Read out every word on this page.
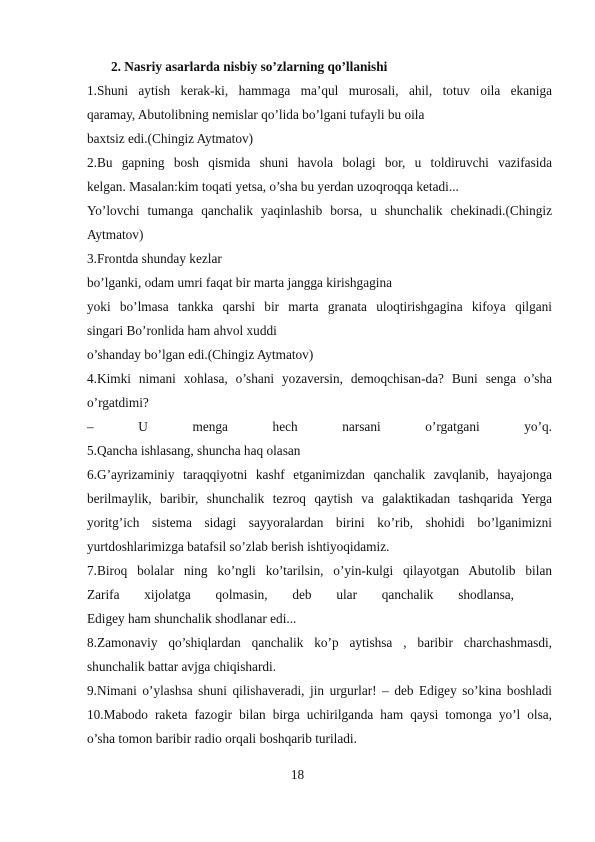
2. Nasriy asarlarda nisbiy so’zlarning qo’llanishi
1.Shuni aytish kerak-ki, hammaga ma’qul murosali, ahil, totuv oila ekaniga
qaramay, Abutolibning nemislar qo’lida bo’lgani tufayli bu oila
baxtsiz edi.(Chingiz Aytmatov)
2.Bu gapning bosh qismida shuni havola bolagi bor, u toldiruvchi vazifasida
kelgan. Masalan:kim toqati yetsa, o’sha bu yerdan uzoqroqqa ketadi...
Yo’lovchi tumanga qanchalik yaqinlashib borsa, u shunchalik chekinadi.(Chingiz
Aytmatov)
3.Frontda shunday kezlar
bo’lganki, odam umri faqat bir marta jangga kirishgagina
yoki bo’lmasa tankka qarshi bir marta granata uloqtirishgagina kifoya qilgani
singari Bo’ronlida ham ahvol xuddi
o’shanday bo’lgan edi.(Chingiz Aytmatov)
4.Kimki nimani xohlasa, o’shani yozaversin, demoqchisan-da? Buni senga o’sha
o’rgatdimi?
– U menga hech narsani o’rgatgani yo’q.
5.Qancha ishlasang, shuncha haq olasan
6.G’ayrizaminiy taraqqiyotni kashf etganimizdan qanchalik zavqlanib, hayajonga
berilmaylik, baribir, shunchalik tezroq qaytish va galaktikadan tashqarida Yerga
yoritg’ich sistema sidagi sayyoralardan birini ko’rib, shohidi bo’lganimizni
yurtdoshlarimizga batafsil so’zlab berish ishtiyoqidamiz.
7.Biroq bolalar ning ko’ngli ko’tarilsin, o’yin-kulgi qilayotgan Abutolib bilan
Zarifa xijolatga qolmasin, deb ular qanchalik shodlansa,
Edigey ham shunchalik shodlanar edi...
8.Zamonaviy qo’shiqlardan qanchalik ko’p aytishsa , baribir charchashmasdi,
shunchalik battar avjga chiqishardi.
9.Nimani o’ylashsa shuni qilishaveradi, jin urgurlar! – deb Edigey so’kina boshladi
10.Mabodo raketa fazogir bilan birga uchirilganda ham qaysi tomonga yo’l olsa,
o’sha tomon baribir radio orqali boshqarib turiladi.
18
